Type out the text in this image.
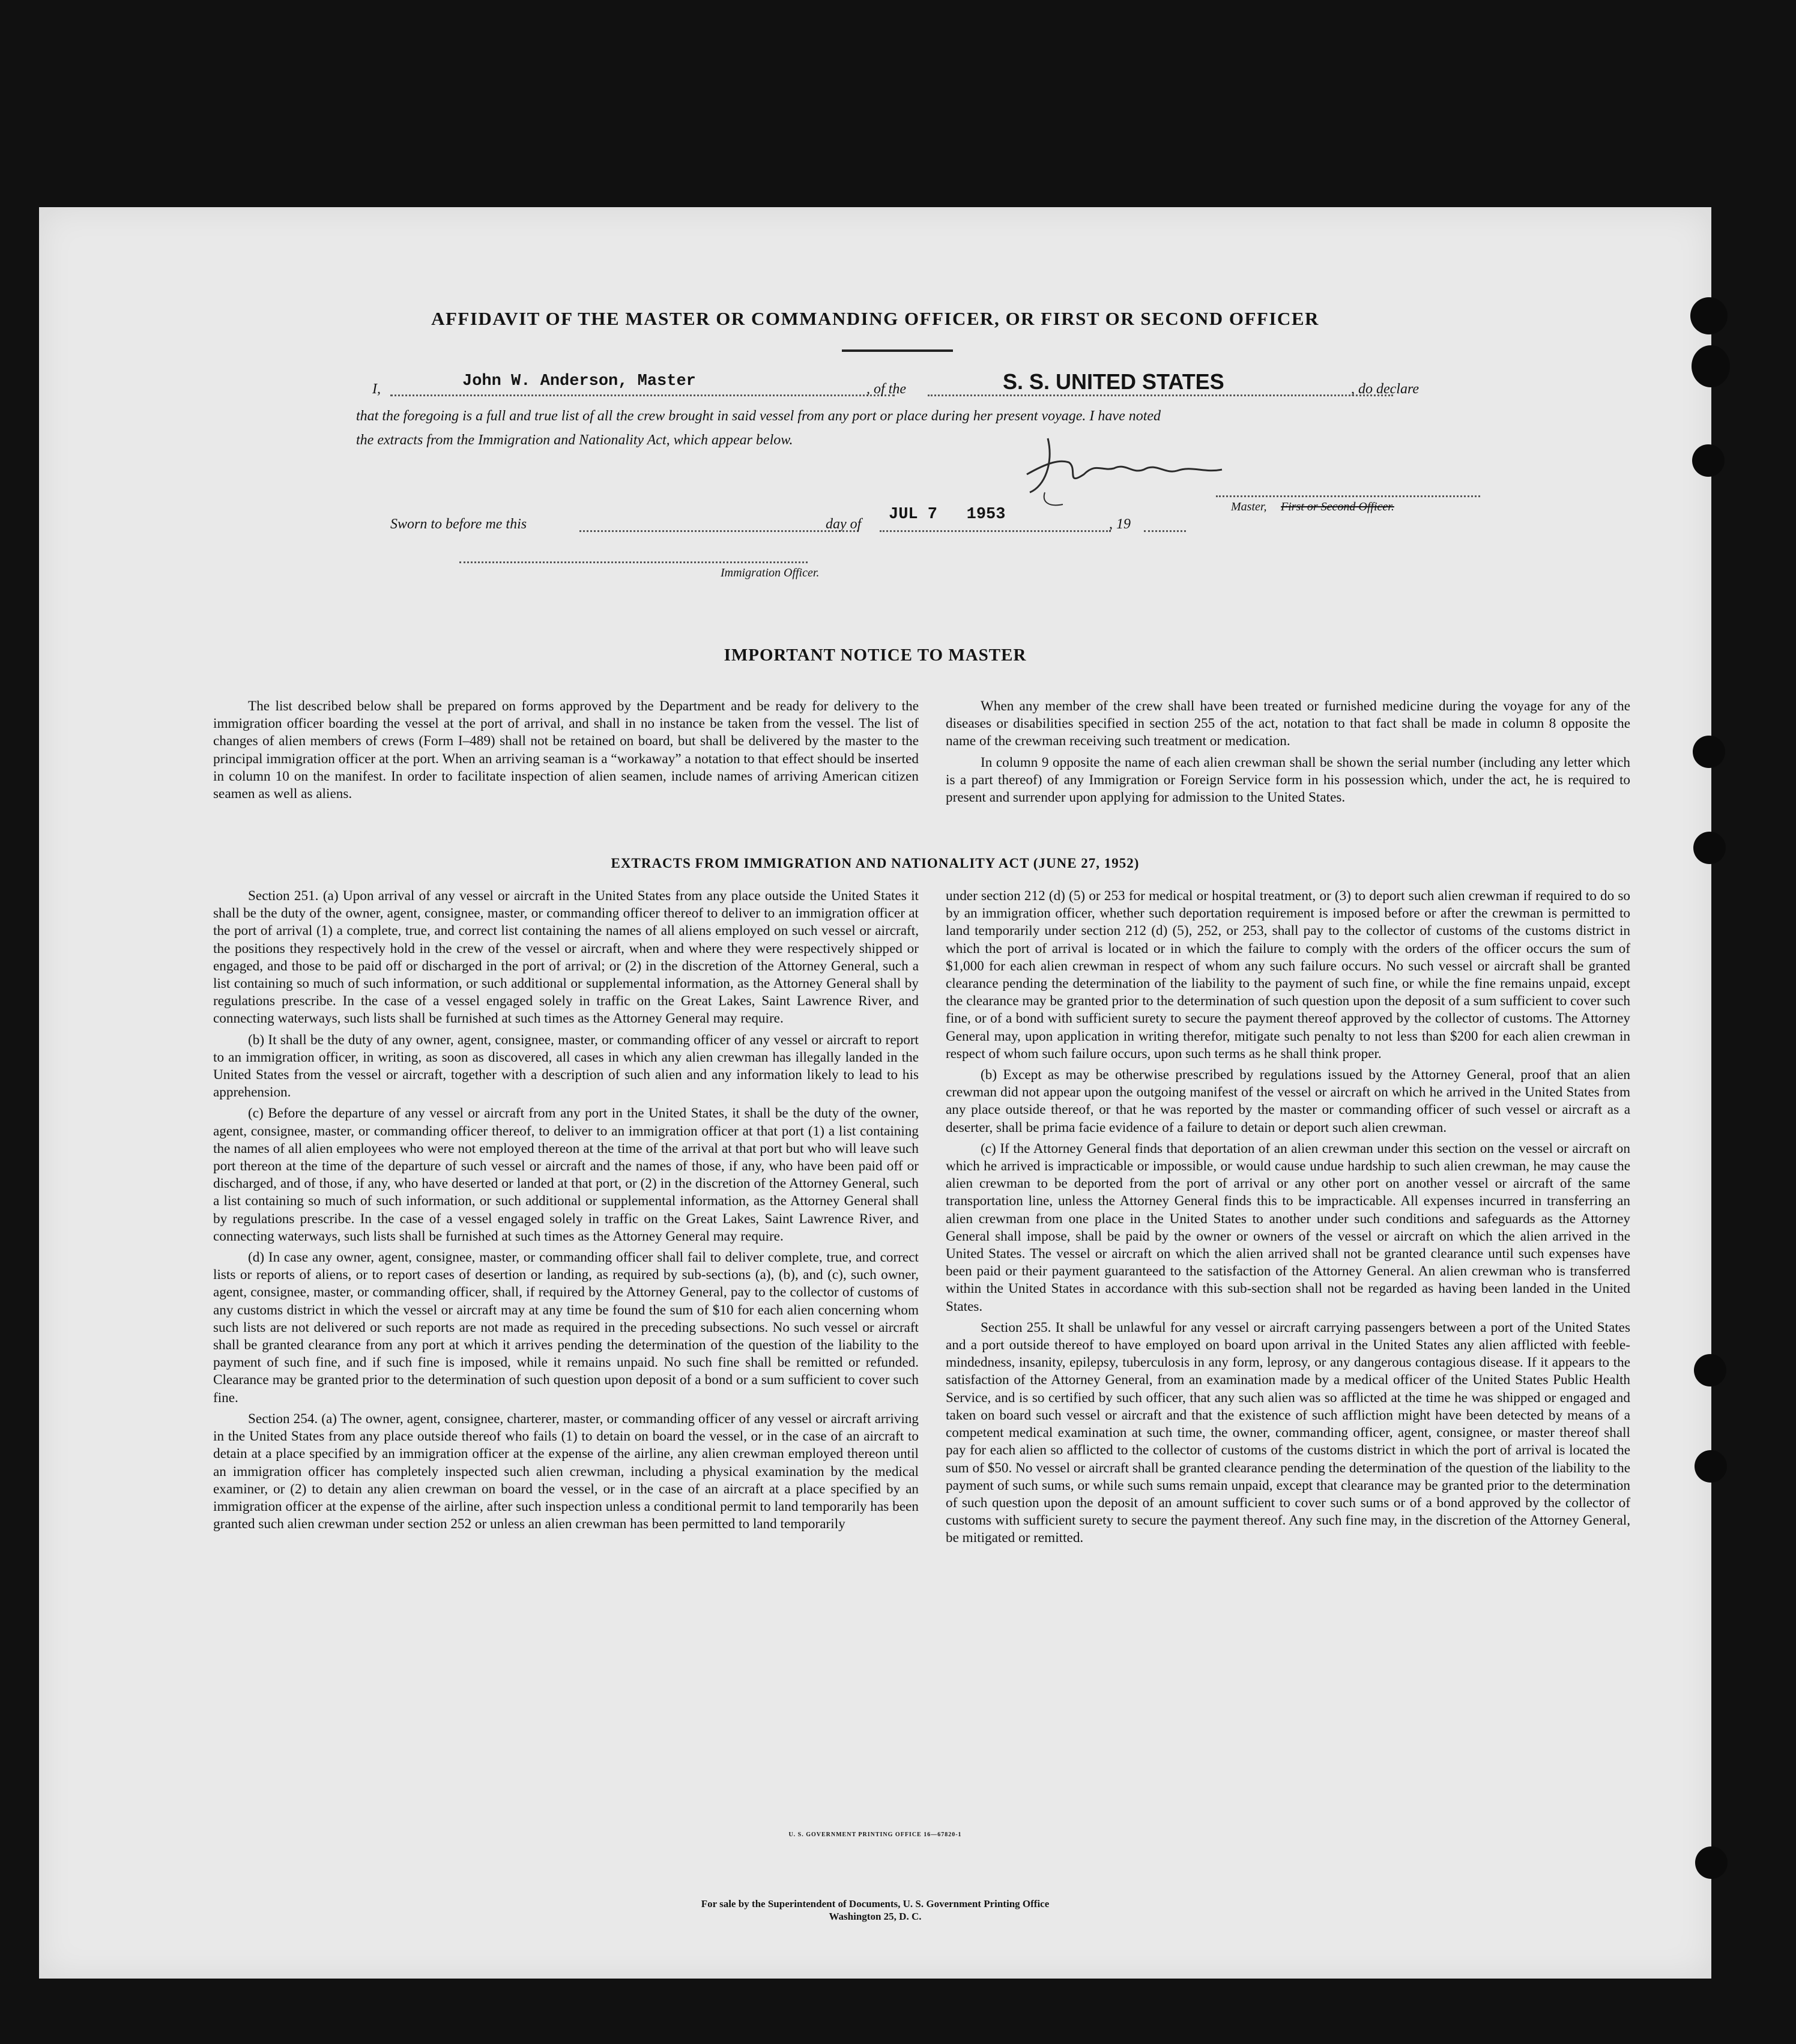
AFFIDAVIT OF THE MASTER OR COMMANDING OFFICER, OR FIRST OR SECOND OFFICER
I,	John W. Anderson, Master	, of the	S. S. UNITED STATES	, do declare
that the foregoing is a full and true list of all the crew brought in said vessel from any port or place during her present voyage. I have noted
the extracts from the Immigration and Nationality Act, which appear below.
Master, First or Second Officer.
Sworn to before me this	day of
JUL 7   1953
, 19
Immigration Officer.
IMPORTANT NOTICE TO MASTER

The list described below shall be prepared on forms approved by the Department and be ready for delivery to the immigration officer boarding the vessel at the port of arrival, and shall in no instance be taken from the vessel. The list of changes of alien members of crews (Form I–489) shall not be retained on board, but shall be delivered by the master to the principal immigration officer at the port. When an arriving seaman is a “workaway” a notation to that effect should be inserted in column 10 on the manifest. In order to facilitate inspection of alien seamen, include names of arriving American citizen seamen as well as aliens.

When any member of the crew shall have been treated or furnished medicine during the voyage for any of the diseases or disabilities specified in section 255 of the act, notation to that fact shall be made in column 8 opposite the name of the crewman receiving such treatment or medication.

In column 9 opposite the name of each alien crewman shall be shown the serial number (including any letter which is a part thereof) of any Immigration or Foreign Service form in his possession which, under the act, he is required to present and surrender upon applying for admission to the United States.

EXTRACTS FROM IMMIGRATION AND NATIONALITY ACT (JUNE 27, 1952)

Section 251. (a) Upon arrival of any vessel or aircraft in the United States from any place outside the United States it shall be the duty of the owner, agent, consignee, master, or commanding officer thereof to deliver to an immigration officer at the port of arrival (1) a complete, true, and correct list containing the names of all aliens employed on such vessel or aircraft, the positions they respectively hold in the crew of the vessel or aircraft, when and where they were respectively shipped or engaged, and those to be paid off or discharged in the port of arrival; or (2) in the discretion of the Attorney General, such a list containing so much of such information, or such additional or supplemental information, as the Attorney General shall by regulations prescribe. In the case of a vessel engaged solely in traffic on the Great Lakes, Saint Lawrence River, and connecting waterways, such lists shall be furnished at such times as the Attorney General may require.

(b) It shall be the duty of any owner, agent, consignee, master, or commanding officer of any vessel or aircraft to report to an immigration officer, in writing, as soon as discovered, all cases in which any alien crewman has illegally landed in the United States from the vessel or aircraft, together with a description of such alien and any information likely to lead to his apprehension.

(c) Before the departure of any vessel or aircraft from any port in the United States, it shall be the duty of the owner, agent, consignee, master, or commanding officer thereof, to deliver to an immigration officer at that port (1) a list containing the names of all alien employees who were not employed thereon at the time of the arrival at that port but who will leave such port thereon at the time of the departure of such vessel or aircraft and the names of those, if any, who have been paid off or discharged, and of those, if any, who have deserted or landed at that port, or (2) in the discretion of the Attorney General, such a list containing so much of such information, or such additional or supplemental information, as the Attorney General shall by regulations prescribe. In the case of a vessel engaged solely in traffic on the Great Lakes, Saint Lawrence River, and connecting waterways, such lists shall be furnished at such times as the Attorney General may require.

(d) In case any owner, agent, consignee, master, or commanding officer shall fail to deliver complete, true, and correct lists or reports of aliens, or to report cases of desertion or landing, as required by sub-sections (a), (b), and (c), such owner, agent, consignee, master, or commanding officer, shall, if required by the Attorney General, pay to the collector of customs of any customs district in which the vessel or aircraft may at any time be found the sum of $10 for each alien concerning whom such lists are not delivered or such reports are not made as required in the preceding subsections. No such vessel or aircraft shall be granted clearance from any port at which it arrives pending the determination of the question of the liability to the payment of such fine, and if such fine is imposed, while it remains unpaid. No such fine shall be remitted or refunded. Clearance may be granted prior to the determination of such question upon deposit of a bond or a sum sufficient to cover such fine.

Section 254. (a) The owner, agent, consignee, charterer, master, or commanding officer of any vessel or aircraft arriving in the United States from any place outside thereof who fails (1) to detain on board the vessel, or in the case of an aircraft to detain at a place specified by an immigration officer at the expense of the airline, any alien crewman employed thereon until an immigration officer has completely inspected such alien crewman, including a physical examination by the medical examiner, or (2) to detain any alien crewman on board the vessel, or in the case of an aircraft at a place specified by an immigration officer at the expense of the airline, after such inspection unless a conditional permit to land temporarily has been granted such alien crewman under section 252 or unless an alien crewman has been permitted to land temporarily

under section 212 (d) (5) or 253 for medical or hospital treatment, or (3) to deport such alien crewman if required to do so by an immigration officer, whether such deportation requirement is imposed before or after the crewman is permitted to land temporarily under section 212 (d) (5), 252, or 253, shall pay to the collector of customs of the customs district in which the port of arrival is located or in which the failure to comply with the orders of the officer occurs the sum of $1,000 for each alien crewman in respect of whom any such failure occurs. No such vessel or aircraft shall be granted clearance pending the determination of the liability to the payment of such fine, or while the fine remains unpaid, except the clearance may be granted prior to the determination of such question upon the deposit of a sum sufficient to cover such fine, or of a bond with sufficient surety to secure the payment thereof approved by the collector of customs. The Attorney General may, upon application in writing therefor, mitigate such penalty to not less than $200 for each alien crewman in respect of whom such failure occurs, upon such terms as he shall think proper.

(b) Except as may be otherwise prescribed by regulations issued by the Attorney General, proof that an alien crewman did not appear upon the outgoing manifest of the vessel or aircraft on which he arrived in the United States from any place outside thereof, or that he was reported by the master or commanding officer of such vessel or aircraft as a deserter, shall be prima facie evidence of a failure to detain or deport such alien crewman.

(c) If the Attorney General finds that deportation of an alien crewman under this section on the vessel or aircraft on which he arrived is impracticable or impossible, or would cause undue hardship to such alien crewman, he may cause the alien crewman to be deported from the port of arrival or any other port on another vessel or aircraft of the same transportation line, unless the Attorney General finds this to be impracticable. All expenses incurred in transferring an alien crewman from one place in the United States to another under such conditions and safeguards as the Attorney General shall impose, shall be paid by the owner or owners of the vessel or aircraft on which the alien arrived in the United States. The vessel or aircraft on which the alien arrived shall not be granted clearance until such expenses have been paid or their payment guaranteed to the satisfaction of the Attorney General. An alien crewman who is transferred within the United States in accordance with this sub-section shall not be regarded as having been landed in the United States.

Section 255. It shall be unlawful for any vessel or aircraft carrying passengers between a port of the United States and a port outside thereof to have employed on board upon arrival in the United States any alien afflicted with feeble-mindedness, insanity, epilepsy, tuberculosis in any form, leprosy, or any dangerous contagious disease. If it appears to the satisfaction of the Attorney General, from an examination made by a medical officer of the United States Public Health Service, and is so certified by such officer, that any such alien was so afflicted at the time he was shipped or engaged and taken on board such vessel or aircraft and that the existence of such affliction might have been detected by means of a competent medical examination at such time, the owner, commanding officer, agent, consignee, or master thereof shall pay for each alien so afflicted to the collector of customs of the customs district in which the port of arrival is located the sum of $50. No vessel or aircraft shall be granted clearance pending the determination of the question of the liability to the payment of such sums, or while such sums remain unpaid, except that clearance may be granted prior to the determination of such question upon the deposit of an amount sufficient to cover such sums or of a bond approved by the collector of customs with sufficient surety to secure the payment thereof. Any such fine may, in the discretion of the Attorney General, be mitigated or remitted.

U. S. GOVERNMENT PRINTING OFFICE 16—67820-1
For sale by the Superintendent of Documents, U. S. Government Printing Office
Washington 25, D. C.
